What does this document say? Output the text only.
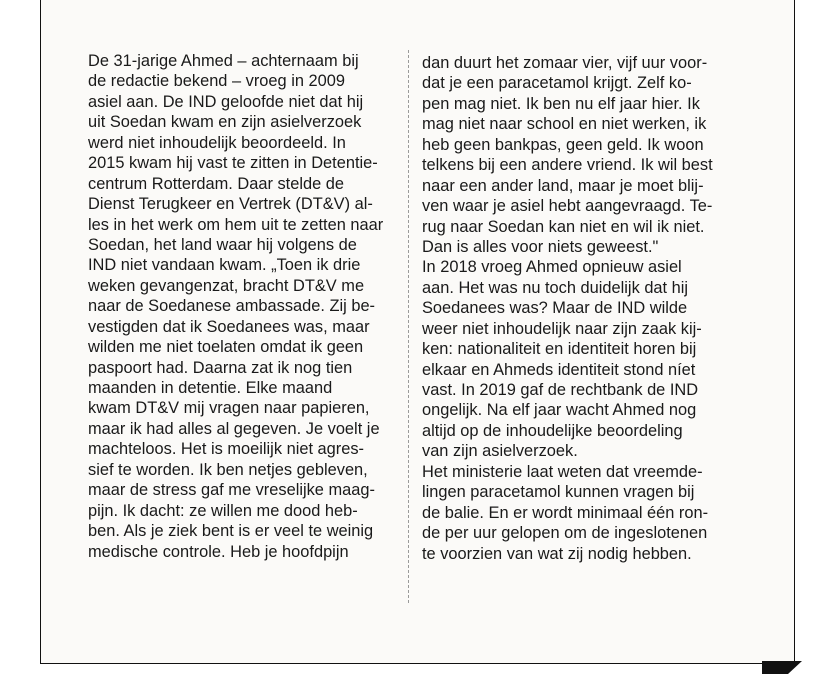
De 31-jarige Ahmed – achternaam bij
de redactie bekend – vroeg in 2009
asiel aan. De IND geloofde niet dat hij
uit Soedan kwam en zijn asielverzoek
werd niet inhoudelijk beoordeeld. In
2015 kwam hij vast te zitten in Detentie-
centrum Rotterdam. Daar stelde de
Dienst Terugkeer en Vertrek (DT&V) al-
les in het werk om hem uit te zetten naar
Soedan, het land waar hij volgens de
IND niet vandaan kwam. „Toen ik drie
weken gevangenzat, bracht DT&V me
naar de Soedanese ambassade. Zij be-
vestigden dat ik Soedanees was, maar
wilden me niet toelaten omdat ik geen
paspoort had. Daarna zat ik nog tien
maanden in detentie. Elke maand
kwam DT&V mij vragen naar papieren,
maar ik had alles al gegeven. Je voelt je
machteloos. Het is moeilijk niet agres-
sief te worden. Ik ben netjes gebleven,
maar de stress gaf me vreselijke maag-
pijn. Ik dacht: ze willen me dood heb-
ben. Als je ziek bent is er veel te weinig
medische controle. Heb je hoofdpijn
dan duurt het zomaar vier, vijf uur voor-
dat je een paracetamol krijgt. Zelf ko-
pen mag niet. Ik ben nu elf jaar hier. Ik
mag niet naar school en niet werken, ik
heb geen bankpas, geen geld. Ik woon
telkens bij een andere vriend. Ik wil best
naar een ander land, maar je moet blij-
ven waar je asiel hebt aangevraagd. Te-
rug naar Soedan kan niet en wil ik niet.
Dan is alles voor niets geweest."
In 2018 vroeg Ahmed opnieuw asiel
aan. Het was nu toch duidelijk dat hij
Soedanees was? Maar de IND wilde
weer niet inhoudelijk naar zijn zaak kij-
ken: nationaliteit en identiteit horen bij
elkaar en Ahmeds identiteit stond níet
vast. In 2019 gaf de rechtbank de IND
ongelijk. Na elf jaar wacht Ahmed nog
altijd op de inhoudelijke beoordeling
van zijn asielverzoek.
Het ministerie laat weten dat vreemde-
lingen paracetamol kunnen vragen bij
de balie. En er wordt minimaal één ron-
de per uur gelopen om de ingeslotenen
te voorzien van wat zij nodig hebben.
